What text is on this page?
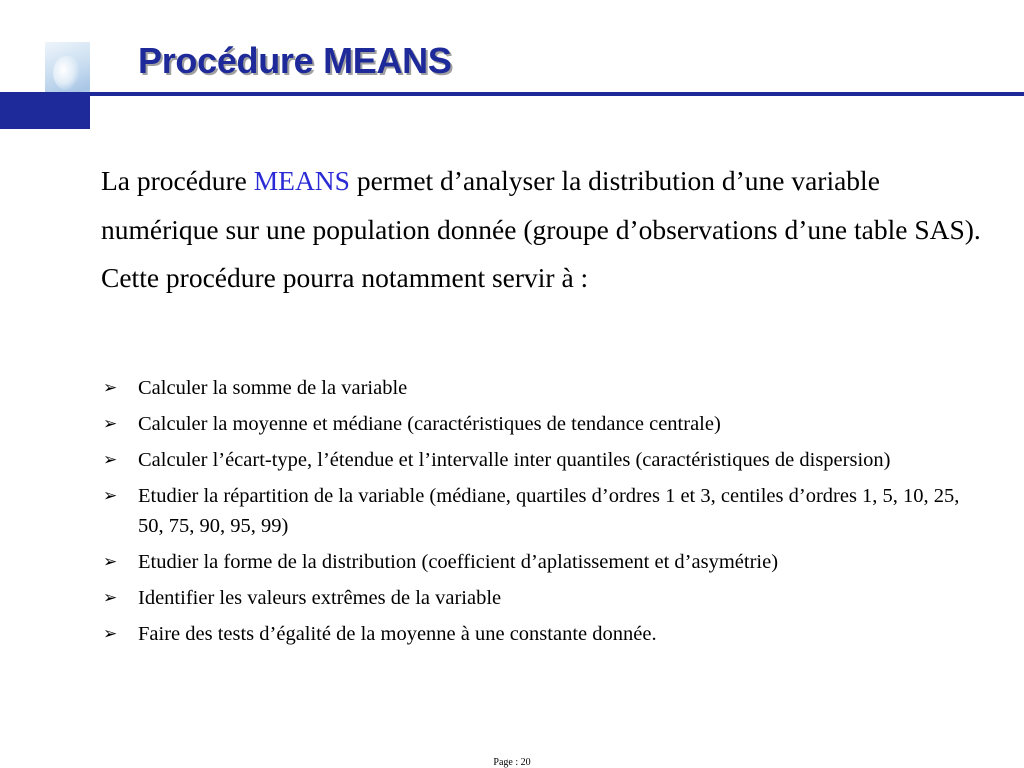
Procédure MEANS

La procédure MEANS permet d’analyser la distribution d’une variable numérique sur une population donnée (groupe d’observations d’une table SAS). Cette procédure pourra notamment servir à :

➢ Calculer la somme de la variable
➢ Calculer la moyenne et médiane (caractéristiques de tendance centrale)
➢ Calculer l’écart-type, l’étendue et l’intervalle inter quantiles (caractéristiques de dispersion)
➢ Etudier la répartition de la variable (médiane, quartiles d’ordres 1 et 3, centiles d’ordres 1, 5, 10, 25, 50, 75, 90, 95, 99)
➢ Etudier la forme de la distribution (coefficient d’aplatissement et d’asymétrie)
➢ Identifier les valeurs extrêmes de la variable
➢ Faire des tests d’égalité de la moyenne à une constante donnée.
Page : 20
